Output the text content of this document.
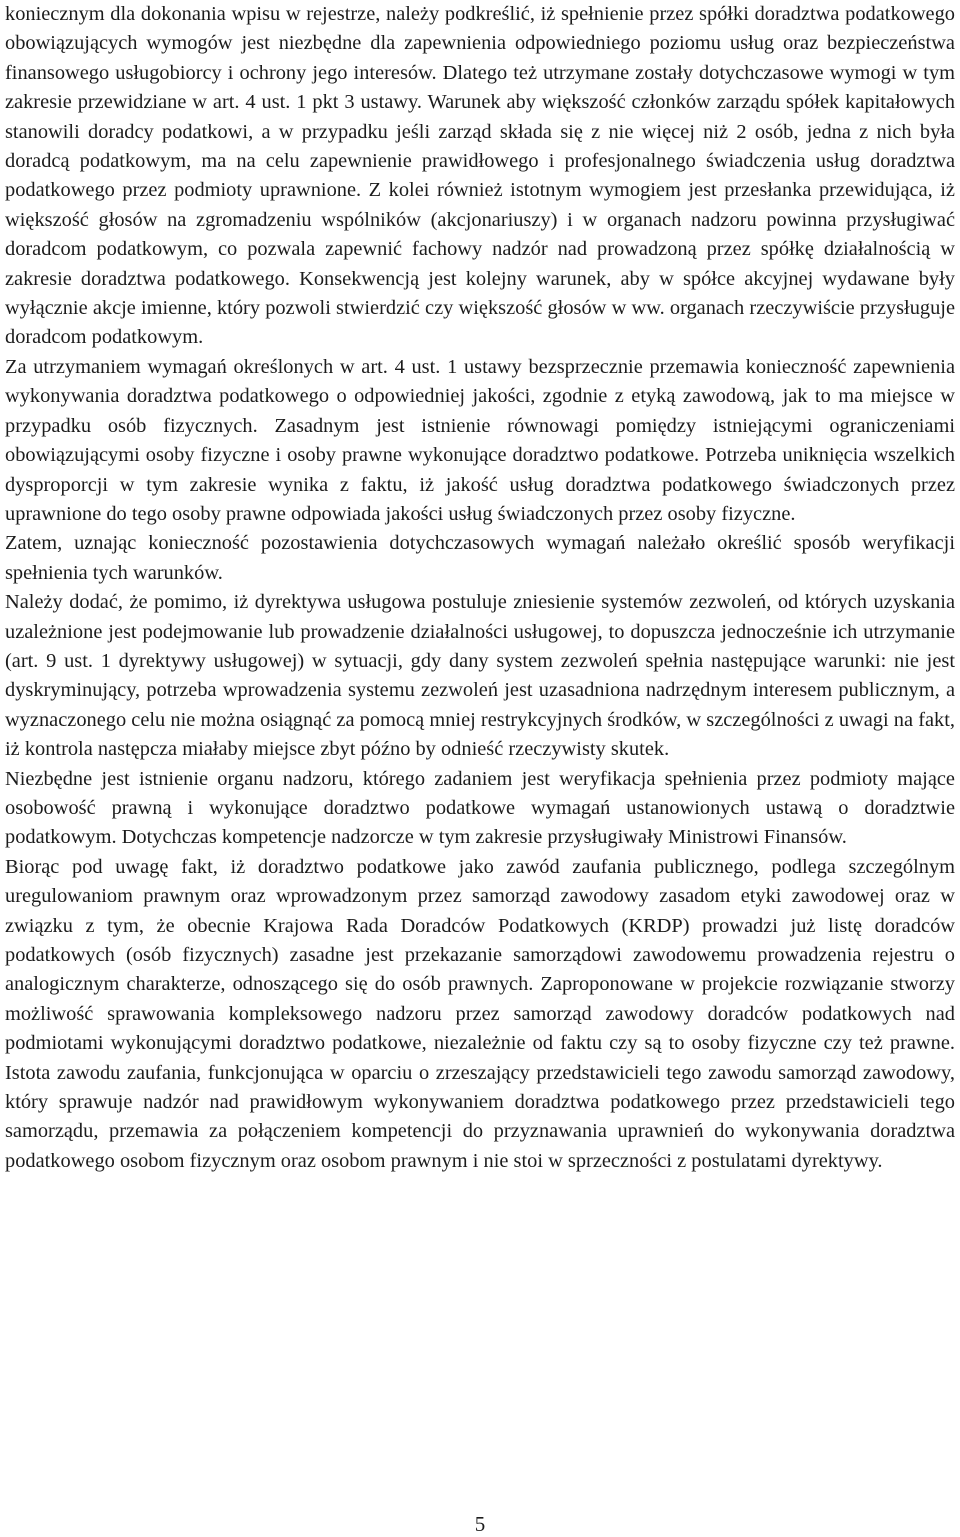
koniecznym dla dokonania wpisu w rejestrze, należy podkreślić, iż spełnienie przez spółki doradztwa podatkowego obowiązujących wymogów jest niezbędne dla zapewnienia odpowiedniego poziomu usług oraz bezpieczeństwa finansowego usługobiorcy i ochrony jego interesów. Dlatego też utrzymane zostały dotychczasowe wymogi w tym zakresie przewidziane w art. 4 ust. 1 pkt 3 ustawy. Warunek aby większość członków zarządu spółek kapitałowych stanowili doradcy podatkowi, a w przypadku jeśli zarząd składa się z nie więcej niż 2 osób, jedna z nich była doradcą podatkowym, ma na celu zapewnienie prawidłowego i profesjonalnego świadczenia usług doradztwa podatkowego przez podmioty uprawnione. Z kolei również istotnym wymogiem jest przesłanka przewidująca, iż większość głosów na zgromadzeniu wspólników (akcjonariuszy) i w organach nadzoru powinna przysługiwać doradcom podatkowym, co pozwala zapewnić fachowy nadzór nad prowadzoną przez spółkę działalnością w zakresie doradztwa podatkowego. Konsekwencją jest kolejny warunek, aby w spółce akcyjnej wydawane były wyłącznie akcje imienne, który pozwoli stwierdzić czy większość głosów w ww. organach rzeczywiście przysługuje doradcom podatkowym.

Za utrzymaniem wymagań określonych w art. 4 ust. 1 ustawy bezsprzecznie przemawia konieczność zapewnienia wykonywania doradztwa podatkowego o odpowiedniej jakości, zgodnie z etyką zawodową, jak to ma miejsce w przypadku osób fizycznych. Zasadnym jest istnienie równowagi pomiędzy istniejącymi ograniczeniami obowiązującymi osoby fizyczne i osoby prawne wykonujące doradztwo podatkowe. Potrzeba uniknięcia wszelkich dysproporcji w tym zakresie wynika z faktu, iż jakość usług doradztwa podatkowego świadczonych przez uprawnione do tego osoby prawne odpowiada jakości usług świadczonych przez osoby fizyczne.

Zatem, uznając konieczność pozostawienia dotychczasowych wymagań należało określić sposób weryfikacji spełnienia tych warunków.

Należy dodać, że pomimo, iż dyrektywa usługowa postuluje zniesienie systemów zezwoleń, od których uzyskania uzależnione jest podejmowanie lub prowadzenie działalności usługowej, to dopuszcza jednocześnie ich utrzymanie (art. 9 ust. 1 dyrektywy usługowej) w sytuacji, gdy dany system zezwoleń spełnia następujące warunki: nie jest dyskryminujący, potrzeba wprowadzenia systemu zezwoleń jest uzasadniona nadrzędnym interesem publicznym, a wyznaczonego celu nie można osiągnąć za pomocą mniej restrykcyjnych środków, w szczególności z uwagi na fakt, iż kontrola następcza miałaby miejsce zbyt późno by odnieść rzeczywisty skutek.

Niezbędne jest istnienie organu nadzoru, którego zadaniem jest weryfikacja spełnienia przez podmioty mające osobowość prawną i wykonujące doradztwo podatkowe wymagań ustanowionych ustawą o doradztwie podatkowym. Dotychczas kompetencje nadzorcze w tym zakresie przysługiwały Ministrowi Finansów.

Biorąc pod uwagę fakt, iż doradztwo podatkowe jako zawód zaufania publicznego, podlega szczególnym uregulowaniom prawnym oraz wprowadzonym przez samorząd zawodowy zasadom etyki zawodowej oraz w związku z tym, że obecnie Krajowa Rada Doradców Podatkowych (KRDP) prowadzi już listę doradców podatkowych (osób fizycznych) zasadne jest przekazanie samorządowi zawodowemu prowadzenia rejestru o analogicznym charakterze, odnoszącego się do osób prawnych. Zaproponowane w projekcie rozwiązanie stworzy możliwość sprawowania kompleksowego nadzoru przez samorząd zawodowy doradców podatkowych nad podmiotami wykonującymi doradztwo podatkowe, niezależnie od faktu czy są to osoby fizyczne czy też prawne. Istota zawodu zaufania, funkcjonująca w oparciu o zrzeszający przedstawicieli tego zawodu samorząd zawodowy, który sprawuje nadzór nad prawidłowym wykonywaniem doradztwa podatkowego przez przedstawicieli tego samorządu, przemawia za połączeniem kompetencji do przyznawania uprawnień do wykonywania doradztwa podatkowego osobom fizycznym oraz osobom prawnym i nie stoi w sprzeczności z postulatami dyrektywy.

5
